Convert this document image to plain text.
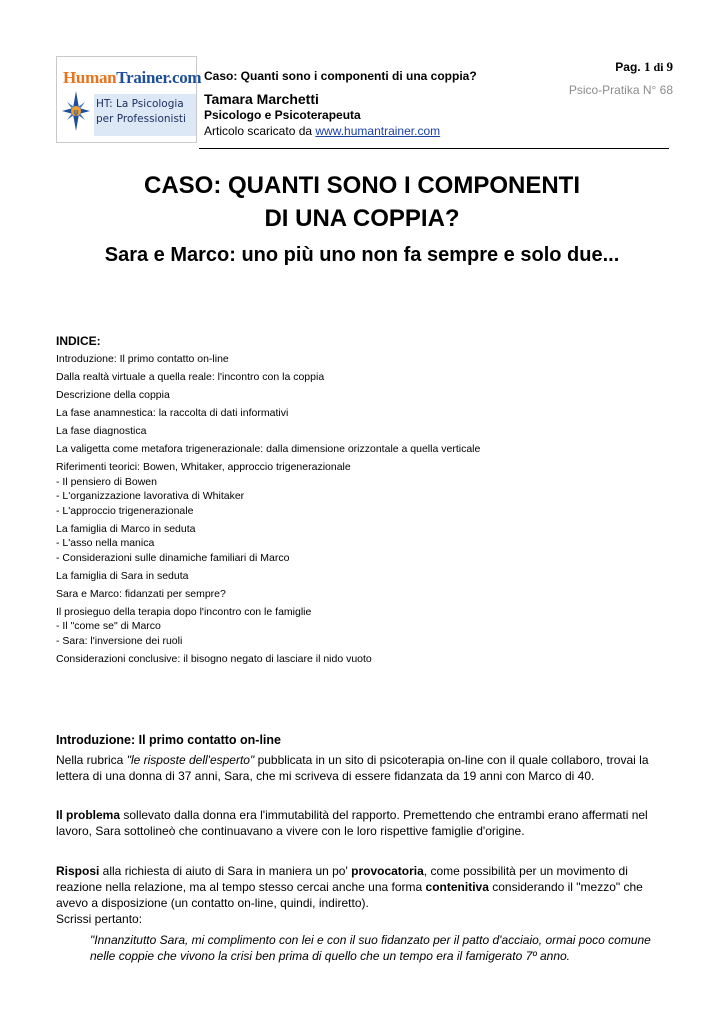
HumanTrainer.com
ψ
HT: La Psicologia
per Professionisti
Caso: Quanti sono i componenti di una coppia?
Tamara Marchetti
Psicologo e Psicoterapeuta
Articolo scaricato da www.humantrainer.com
Pag. 1 di 9
Psico-Pratika N° 68
CASO: QUANTI SONO I COMPONENTI
DI UNA COPPIA?
Sara e Marco: uno più uno non fa sempre e solo due...
INDICE:
Introduzione: Il primo contatto on-line
Dalla realtà virtuale a quella reale: l'incontro con la coppia
Descrizione della coppia
La fase anamnestica: la raccolta di dati informativi
La fase diagnostica
La valigetta come metafora trigenerazionale: dalla dimensione orizzontale a quella verticale
Riferimenti teorici: Bowen, Whitaker, approccio trigenerazionale
- Il pensiero di Bowen
- L'organizzazione lavorativa di Whitaker
- L'approccio trigenerazionale
La famiglia di Marco in seduta
- L'asso nella manica
- Considerazioni sulle dinamiche familiari di Marco
La famiglia di Sara in seduta
Sara e Marco: fidanzati per sempre?
Il prosieguo della terapia dopo l'incontro con le famiglie
- Il "come se" di Marco
- Sara: l'inversione dei ruoli
Considerazioni conclusive: il bisogno negato di lasciare il nido vuoto
Introduzione: Il primo contatto on-line
Nella rubrica "le risposte dell'esperto" pubblicata in un sito di psicoterapia on-line con il quale collaboro, trovai la lettera di una donna di 37 anni, Sara, che mi scriveva di essere fidanzata da 19 anni con Marco di 40.
Il problema sollevato dalla donna era l'immutabilità del rapporto. Premettendo che entrambi erano affermati nel lavoro, Sara sottolineò che continuavano a vivere con le loro rispettive famiglie d'origine.
Risposi alla richiesta di aiuto di Sara in maniera un po' provocatoria, come possibilità per un movimento di reazione nella relazione, ma al tempo stesso cercai anche una forma contenitiva considerando il "mezzo" che avevo a disposizione (un contatto on-line, quindi, indiretto).
Scrissi pertanto:
"Innanzitutto Sara, mi complimento con lei e con il suo fidanzato per il patto d'acciaio, ormai poco comune nelle coppie che vivono la crisi ben prima di quello che un tempo era il famigerato 7º anno.
